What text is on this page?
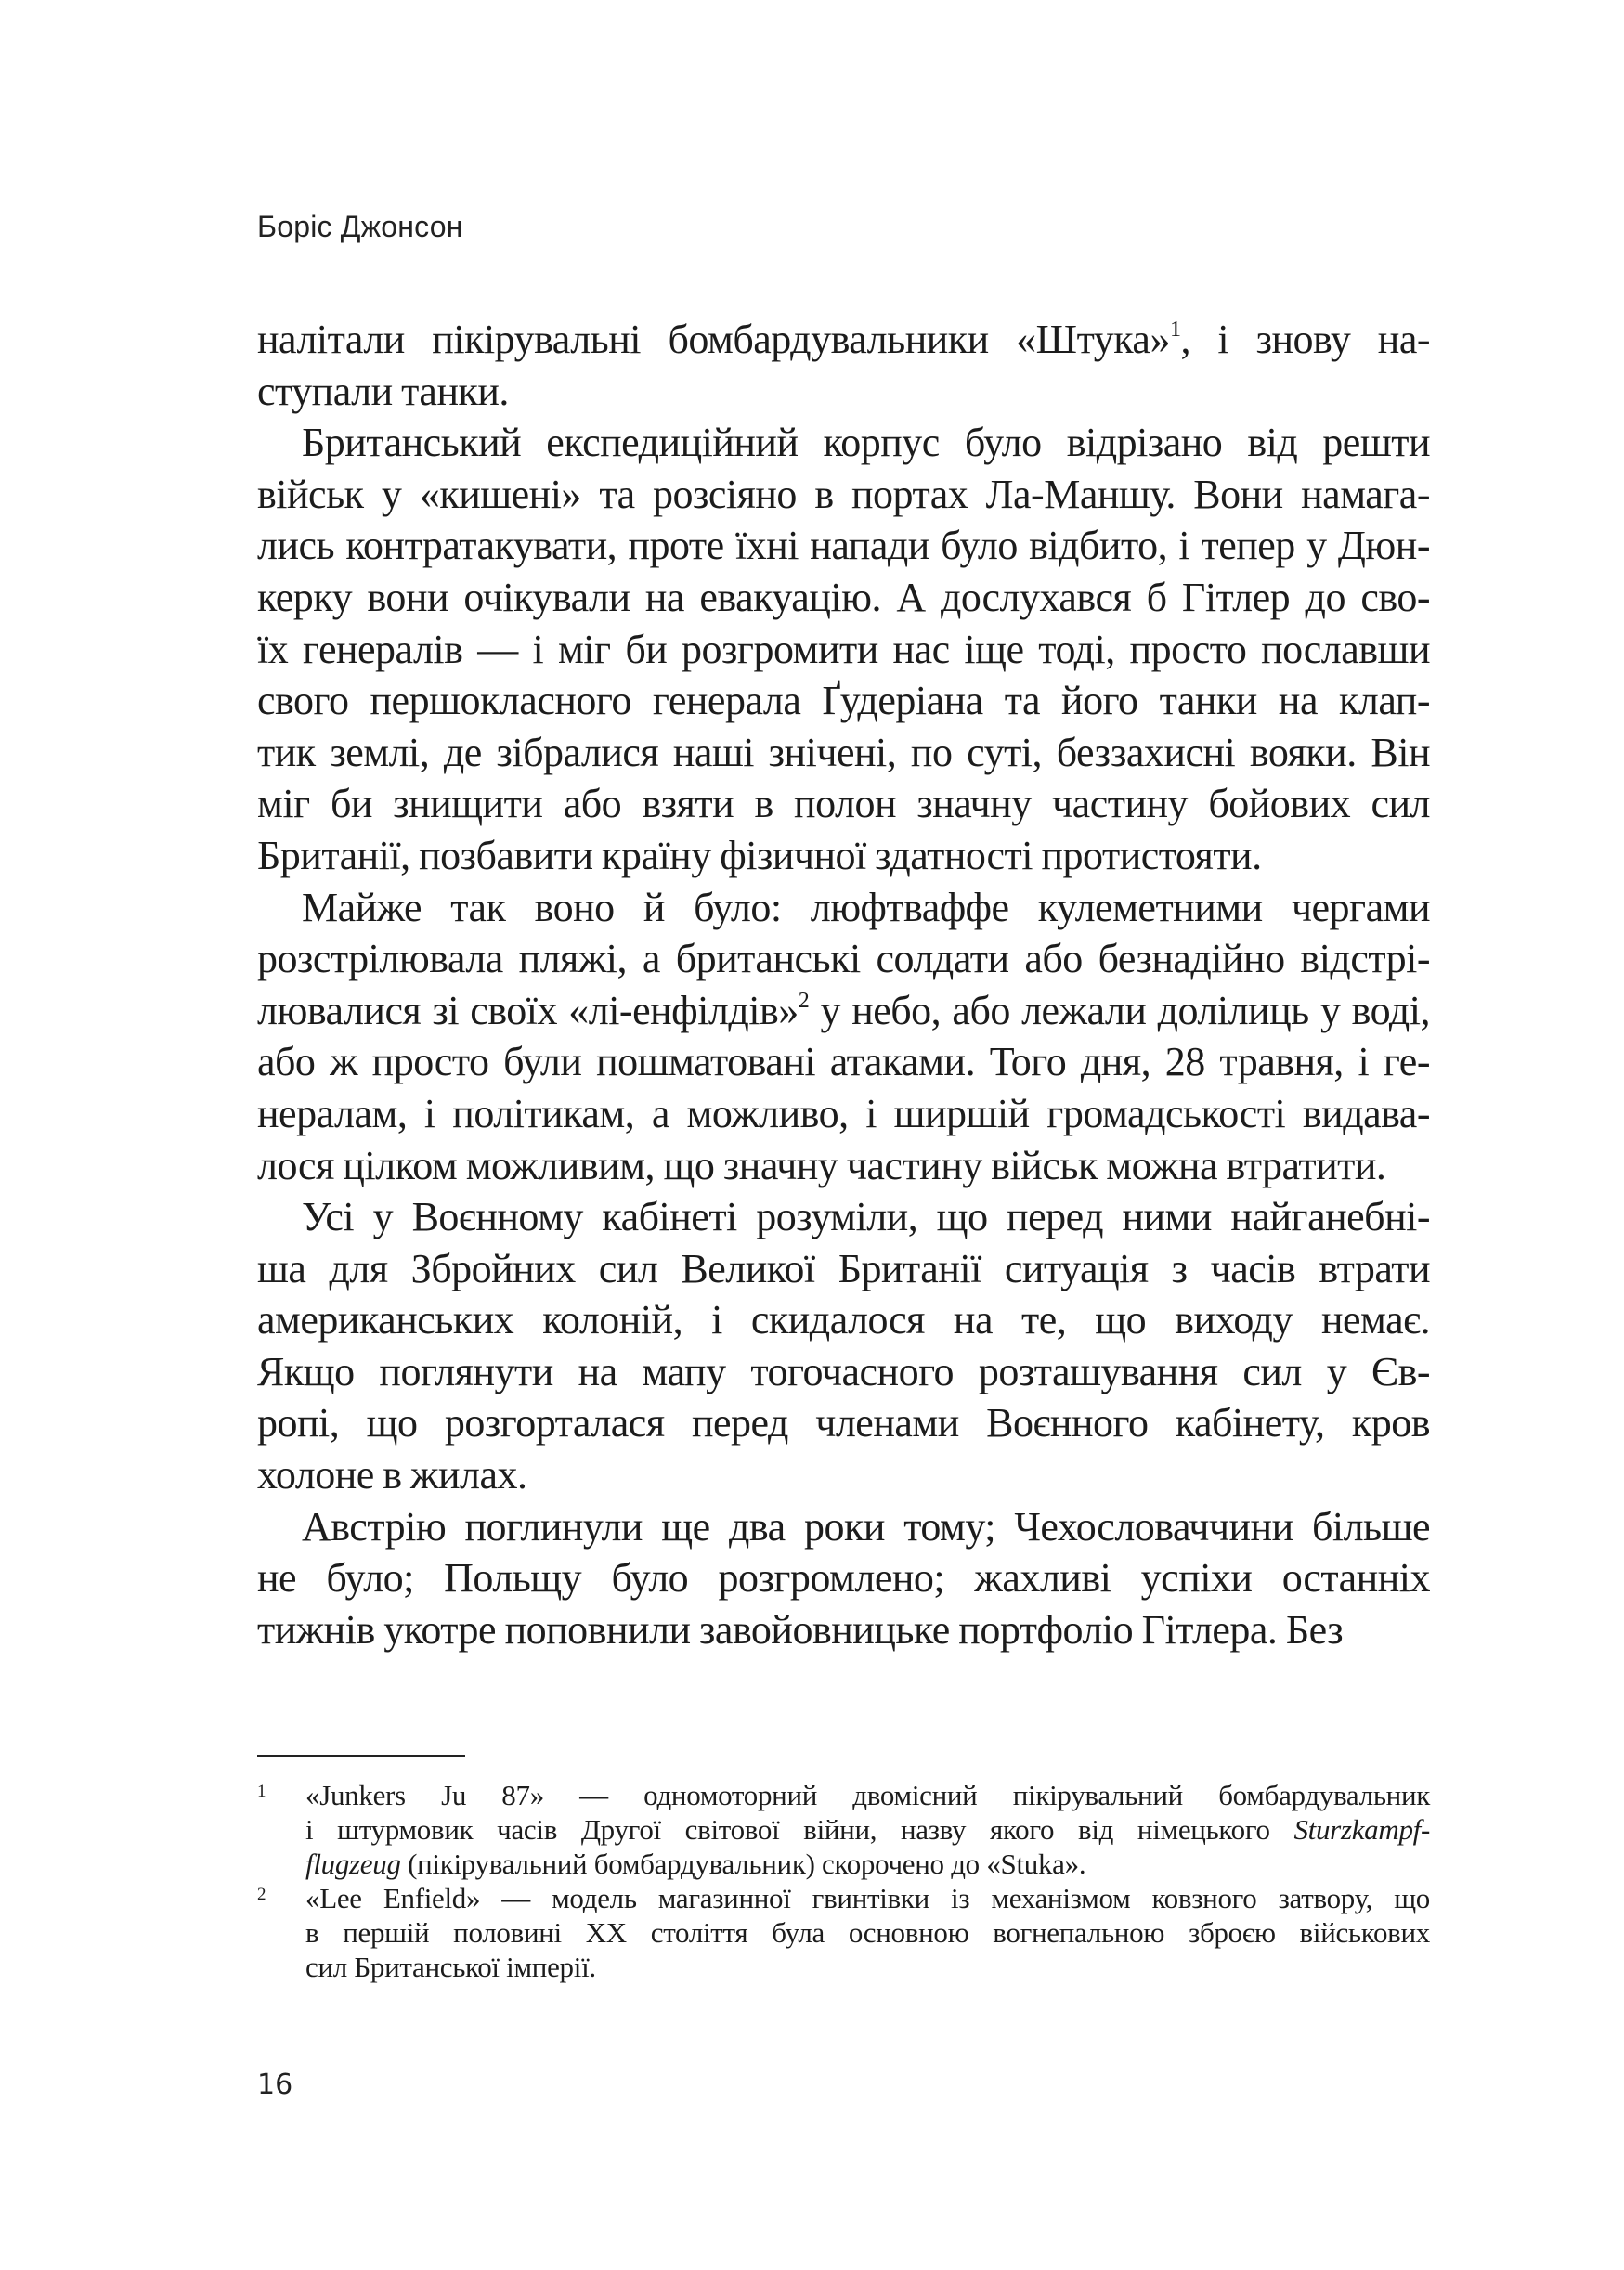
Боріс Джонсон
налітали пікірувальні бомбардувальники «Штука»$^1$, і знову на-
ступали танки.
Британський експедиційний корпус було відрізано від решти
військ у «кишені» та розсіяно в портах Ла-Маншу. Вони намага-
лись контратакувати, проте їхні напади було відбито, і тепер у Дюн-
керку вони очікували на евакуацію. А дослухався б Гітлер до сво-
їх генералів — і міг би розгромити нас іще тоді, просто пославши
свого першокласного генерала Ґудеріана та його танки на клап-
тик землі, де зібралися наші знічені, по суті, беззахисні вояки. Він
міг би знищити або взяти в полон значну частину бойових сил
Британії, позбавити країну фізичної здатності протистояти.
Майже так воно й було: люфтваффе кулеметними чергами
розстрілювала пляжі, а британські солдати або безнадійно відстрі-
лювалися зі своїх «лі-енфілдів»$^2$ у небо, або лежали долілиць у воді,
або ж просто були пошматовані атаками. Того дня, 28 травня, і ге-
нералам, і політикам, а можливо, і ширшій громадськості видава-
лося цілком можливим, що значну частину військ можна втратити.
Усі у Воєнному кабінеті розуміли, що перед ними найганебні-
ша для Збройних сил Великої Британії ситуація з часів втрати
американських колоній, і скидалося на те, що виходу немає.
Якщо поглянути на мапу тогочасного розташування сил у Єв-
ропі, що розгорталася перед членами Воєнного кабінету, кров
холоне в жилах.
Австрію поглинули ще два роки тому; Чехословаччини більше
не було; Польщу було розгромлено; жахливі успіхи останніх
тижнів укотре поповнили завойовницьке портфоліо Гітлера. Без
1 «Junkers Ju 87» — одномоторний двомісний пікірувальний бомбардувальник
і штурмовик часів Другої світової війни, назву якого від німецького Sturzkampf-
flugzeug (пікірувальний бомбардувальник) скорочено до «Stuka».
2 «Lee Enfield» — модель магазинної гвинтівки із механізмом ковзного затвору, що
в першій половині XX століття була основною вогнепальною зброєю військових
сил Британської імперії.
16
